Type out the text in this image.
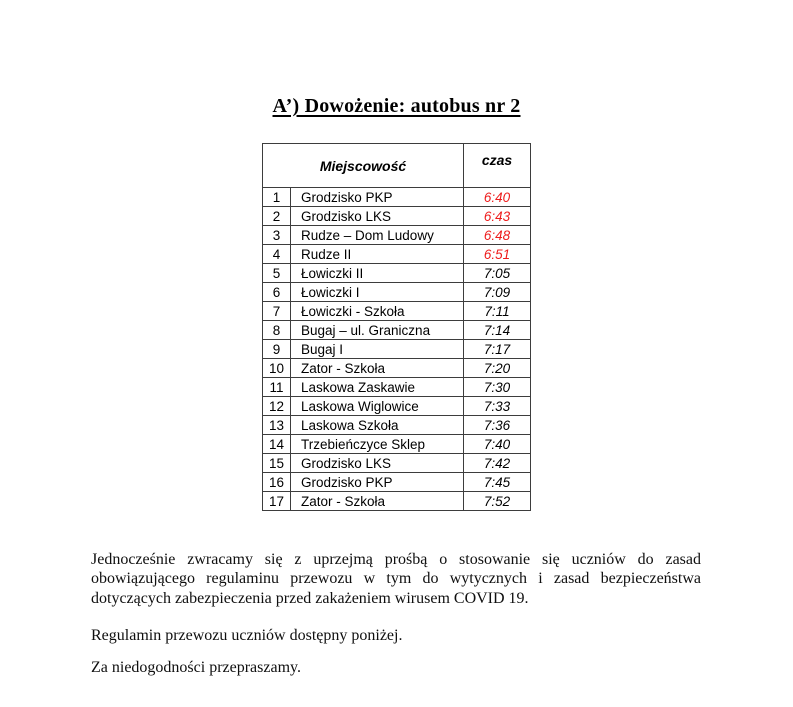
A’) Dowożenie: autobus nr 2
Miejscowość		czas
1	Grodzisko PKP	6:40
2	Grodzisko LKS	6:43
3	Rudze – Dom Ludowy	6:48
4	Rudze II	6:51
5	Łowiczki II	7:05
6	Łowiczki I	7:09
7	Łowiczki - Szkoła	7:11
8	Bugaj – ul. Graniczna	7:14
9	Bugaj I	7:17
10	Zator - Szkoła	7:20
11	Laskowa Zaskawie	7:30
12	Laskowa Wiglowice	7:33
13	Laskowa Szkoła	7:36
14	Trzebieńczyce Sklep	7:40
15	Grodzisko LKS	7:42
16	Grodzisko PKP	7:45
17	Zator - Szkoła	7:52

Jednocześnie zwracamy się z uprzejmą prośbą o stosowanie się uczniów do zasad obowiązującego regulaminu przewozu w tym do wytycznych i zasad bezpieczeństwa dotyczących zabezpieczenia przed zakażeniem wirusem COVID 19.

Regulamin przewozu uczniów dostępny poniżej.

Za niedogodności przepraszamy.
